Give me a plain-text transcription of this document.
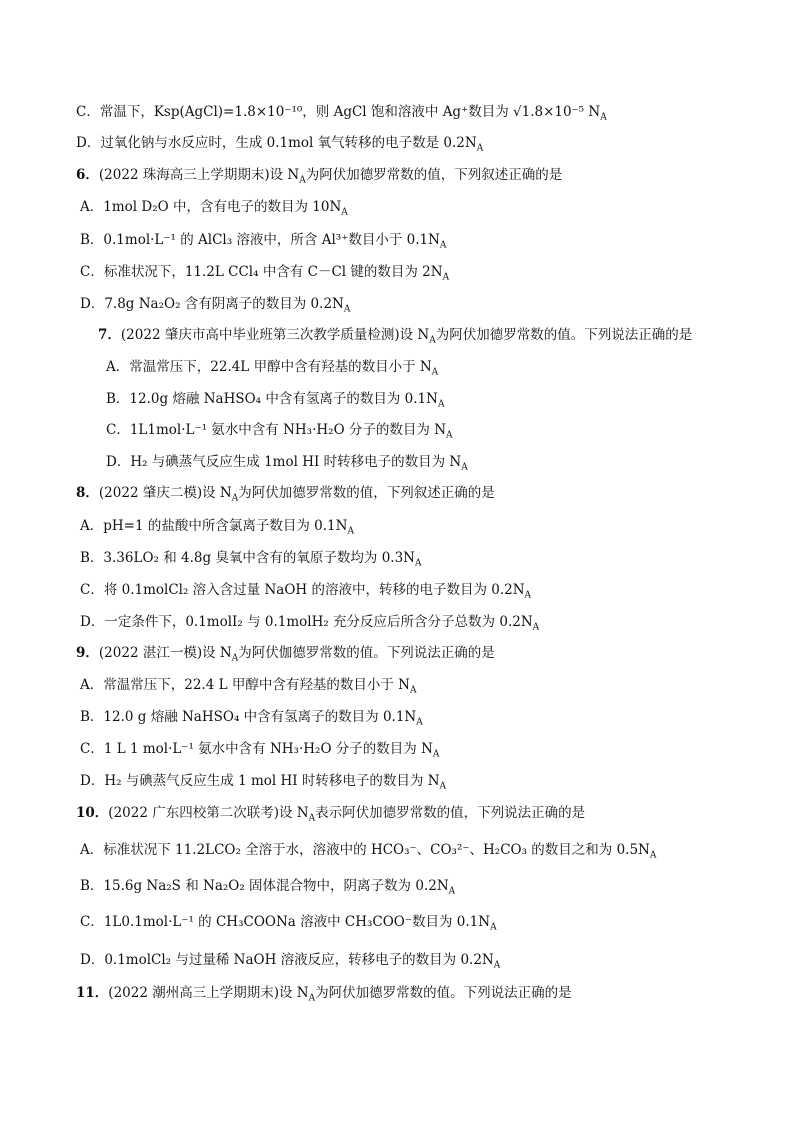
C．常温下，Ksp(AgCl)=1.8×10⁻¹⁰，则 AgCl 饱和溶液中 Ag⁺数目为 √1.8×10⁻⁵ $N_A$
D．过氧化钠与水反应时，生成 0.1mol 氧气转移的电子数是 $0.2N_A$
6．(2022 珠海高三上学期期末)设 $N_A$为阿伏加德罗常数的值，下列叙述正确的是
A．1mol D₂O 中，含有电子的数目为 $10N_A$
B．0.1mol·L⁻¹ 的 AlCl₃ 溶液中，所含 Al³⁺数目小于 $0.1N_A$
C．标准状况下，11.2L CCl₄ 中含有 C－Cl 键的数目为 $2N_A$
D．7.8g Na₂O₂ 含有阴离子的数目为 $0.2N_A$
7．(2022 肇庆市高中毕业班第三次教学质量检测)设 $N_A$为阿伏加德罗常数的值。下列说法正确的是
A．常温常压下，22.4L 甲醇中含有羟基的数目小于 $N_A$
B．12.0g 熔融 NaHSO₄ 中含有氢离子的数目为 $0.1N_A$
C．1L1mol·L⁻¹ 氨水中含有 NH₃·H₂O 分子的数目为 $N_A$
D．H₂ 与碘蒸气反应生成 1mol HI 时转移电子的数目为 $N_A$
8．(2022 肇庆二模)设 $N_A$为阿伏加德罗常数的值，下列叙述正确的是
A．pH=1 的盐酸中所含氯离子数目为 $0.1N_A$
B．3.36LO₂ 和 4.8g 臭氧中含有的氧原子数均为 $0.3N_A$
C．将 0.1molCl₂ 溶入含过量 NaOH 的溶液中，转移的电子数目为 $0.2N_A$
D．一定条件下，0.1molI₂ 与 0.1molH₂ 充分反应后所含分子总数为 $0.2N_A$
9．(2022 湛江一模)设 $N_A$为阿伏伽德罗常数的值。下列说法正确的是
A．常温常压下，22.4 L 甲醇中含有羟基的数目小于 $N_A$
B．12.0 g 熔融 NaHSO₄ 中含有氢离子的数目为 $0.1N_A$
C．1 L 1 mol·L⁻¹ 氨水中含有 NH₃·H₂O 分子的数目为 $N_A$
D．H₂ 与碘蒸气反应生成 1 mol HI 时转移电子的数目为 $N_A$
10．(2022 广东四校第二次联考)设 $N_A$表示阿伏加德罗常数的值，下列说法正确的是
A．标准状况下 11.2LCO₂ 全溶于水，溶液中的 HCO₃⁻、CO₃²⁻、H₂CO₃ 的数目之和为 $0.5N_A$
B．15.6g Na₂S 和 Na₂O₂ 固体混合物中，阴离子数为 $0.2N_A$
C．1L0.1mol·L⁻¹ 的 CH₃COONa 溶液中 CH₃COO⁻数目为 $0.1N_A$
D．0.1molCl₂ 与过量稀 NaOH 溶液反应，转移电子的数目为 $0.2N_A$
11．(2022 潮州高三上学期期末)设 $N_A$为阿伏加德罗常数的值。下列说法正确的是
